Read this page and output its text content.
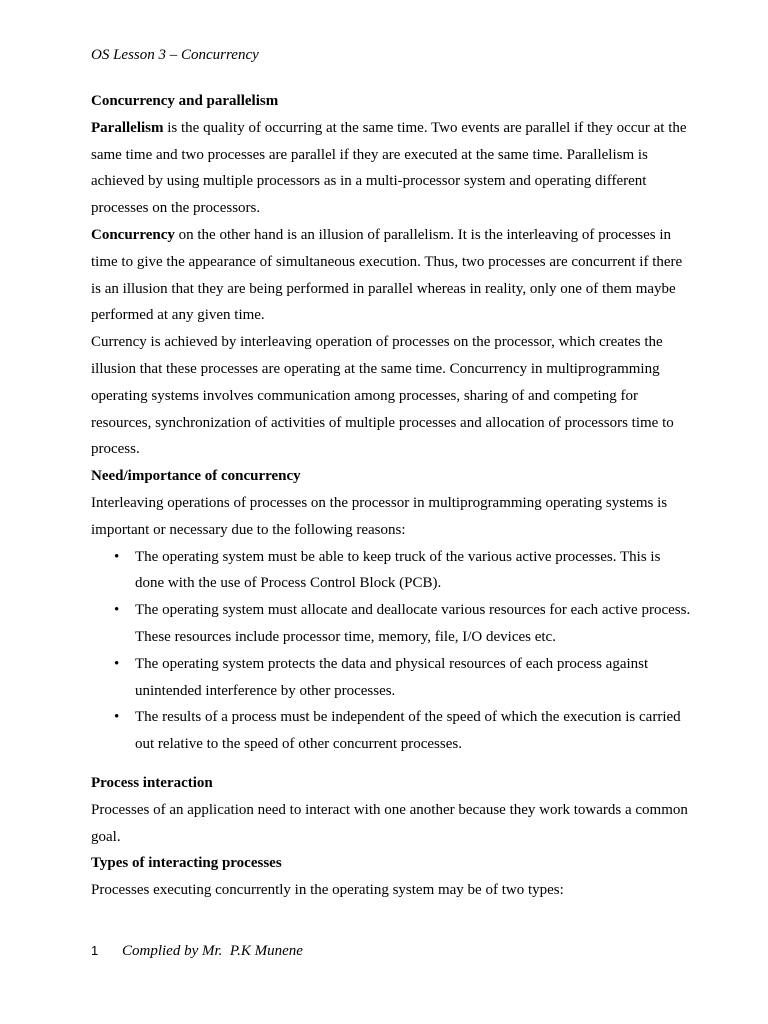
OS Lesson 3 – Concurrency

Concurrency and parallelism

Parallelism is the quality of occurring at the same time. Two events are parallel if they occur at the same time and two processes are parallel if they are executed at the same time. Parallelism is achieved by using multiple processors as in a multi-processor system and operating different processes on the processors.

Concurrency on the other hand is an illusion of parallelism. It is the interleaving of processes in time to give the appearance of simultaneous execution. Thus, two processes are concurrent if there is an illusion that they are being performed in parallel whereas in reality, only one of them maybe performed at any given time.

Currency is achieved by interleaving operation of processes on the processor, which creates the illusion that these processes are operating at the same time. Concurrency in multiprogramming operating systems involves communication among processes, sharing of and competing for resources, synchronization of activities of multiple processes and allocation of processors time to process.

Need/importance of concurrency

Interleaving operations of processes on the processor in multiprogramming operating systems is important or necessary due to the following reasons:

• The operating system must be able to keep truck of the various active processes. This is done with the use of Process Control Block (PCB).
• The operating system must allocate and deallocate various resources for each active process. These resources include processor time, memory, file, I/O devices etc.
• The operating system protects the data and physical resources of each process against unintended interference by other processes.
• The results of a process must be independent of the speed of which the execution is carried out relative to the speed of other concurrent processes.

Process interaction

Processes of an application need to interact with one another because they work towards a common goal.

Types of interacting processes

Processes executing concurrently in the operating system may be of two types:

1 Complied by Mr.  P.K Munene
